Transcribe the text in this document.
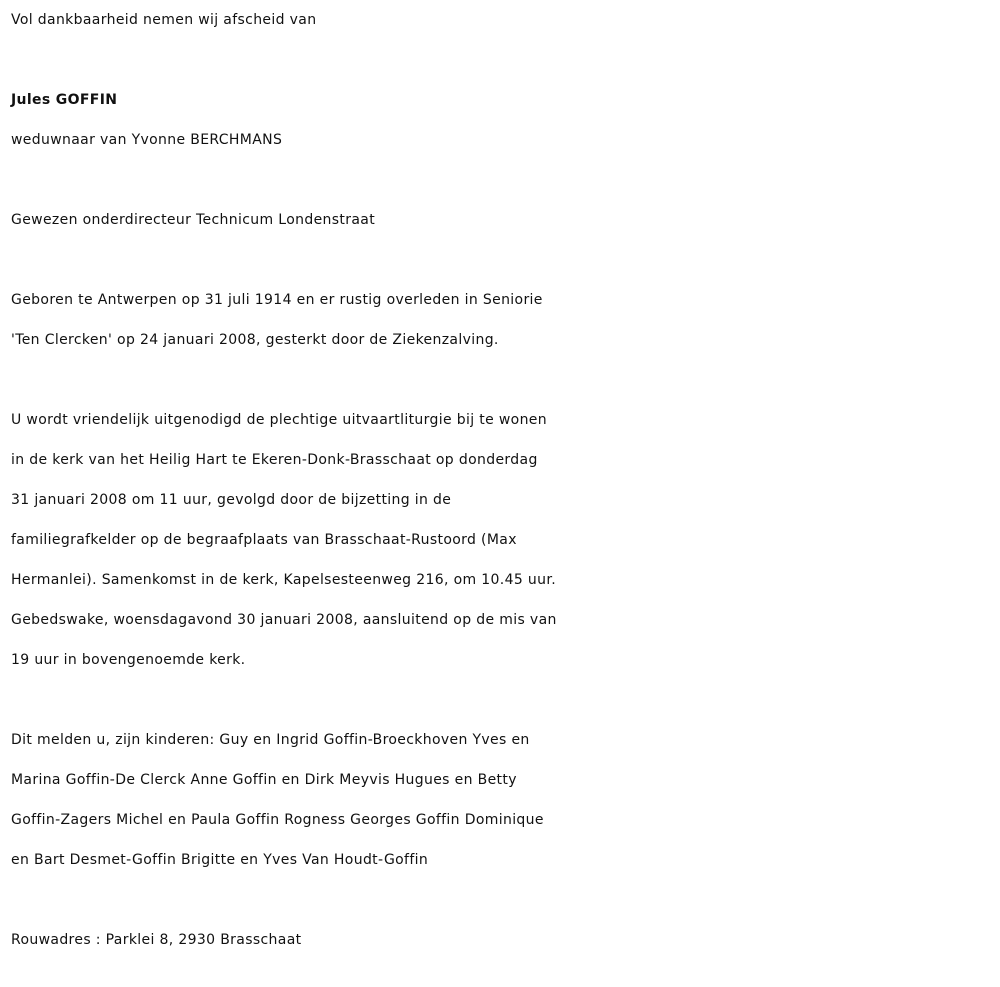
Vol dankbaarheid nemen wij afscheid van
Jules GOFFIN
weduwnaar van Yvonne BERCHMANS
Gewezen onderdirecteur Technicum Londenstraat
Geboren te Antwerpen op 31 juli 1914 en er rustig overleden in Seniorie
'Ten Clercken' op 24 januari 2008, gesterkt door de Ziekenzalving.
U wordt vriendelijk uitgenodigd de plechtige uitvaartliturgie bij te wonen
in de kerk van het Heilig Hart te Ekeren-Donk-Brasschaat op donderdag
31 januari 2008 om 11 uur, gevolgd door de bijzetting in de
familiegrafkelder op de begraafplaats van Brasschaat-Rustoord (Max
Hermanlei). Samenkomst in de kerk, Kapelsesteenweg 216, om 10.45 uur.
Gebedswake, woensdagavond 30 januari 2008, aansluitend op de mis van
19 uur in bovengenoemde kerk.
Dit melden u, zijn kinderen: Guy en Ingrid Goffin-Broeckhoven Yves en
Marina Goffin-De Clerck Anne Goffin en Dirk Meyvis Hugues en Betty
Goffin-Zagers Michel en Paula Goffin Rogness Georges Goffin Dominique
en Bart Desmet-Goffin Brigitte en Yves Van Houdt-Goffin
Rouwadres : Parklei 8, 2930 Brasschaat
